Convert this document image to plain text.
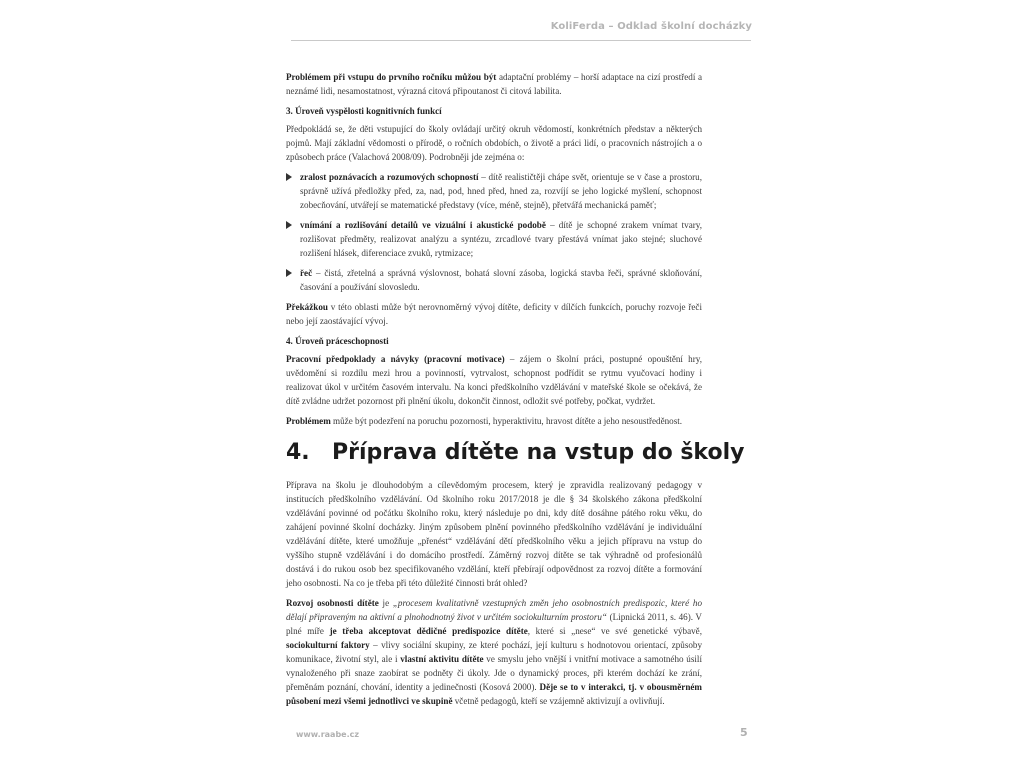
KoliFerda – Odklad školní docházky

Problémem při vstupu do prvního ročníku můžou být adaptační problémy – horší adaptace na cizí prostředí a neznámé lidi, nesamostatnost, výrazná citová připoutanost či citová labilita.

3. Úroveň vyspělosti kognitivních funkcí

Předpokládá se, že děti vstupující do školy ovládají určitý okruh vědomostí, konkrétních představ a některých pojmů. Mají základní vědomosti o přírodě, o ročních obdobích, o životě a práci lidí, o pracovních nástrojích a o způsobech práce (Valachová 2008/09). Podrobněji jde zejména o:

zralost poznávacích a rozumových schopností – dítě realističtěji chápe svět, orientuje se v čase a prostoru, správně užívá předložky před, za, nad, pod, hned před, hned za, rozvíjí se jeho logické myšlení, schopnost zobecňování, utvářejí se matematické představy (více, méně, stejně), přetvářá mechanická paměť;
vnímání a rozlišování detailů ve vizuální i akustické podobě – dítě je schopné zrakem vnímat tvary, rozlišovat předměty, realizovat analýzu a syntézu, zrcadlové tvary přestává vnímat jako stejné; sluchové rozlišení hlásek, diferenciace zvuků, rytmizace;
řeč – čistá, zřetelná a správná výslovnost, bohatá slovní zásoba, logická stavba řeči, správné skloňování, časování a používání slovosledu.

Překážkou v této oblasti může být nerovnoměrný vývoj dítěte, deficity v dílčích funkcích, poruchy rozvoje řeči nebo její zaostávající vývoj.

4. Úroveň práceschopnosti

Pracovní předpoklady a návyky (pracovní motivace) – zájem o školní práci, postupné opouštění hry, uvědomění si rozdílu mezi hrou a povinností, vytrvalost, schopnost podřídit se rytmu vyučovací hodiny i realizovat úkol v určitém časovém intervalu. Na konci předškolního vzdělávání v mateřské škole se očekává, že dítě zvládne udržet pozornost při plnění úkolu, dokončit činnost, odložit své potřeby, počkat, vydržet.

Problémem může být podezření na poruchu pozornosti, hyperaktivitu, hravost dítěte a jeho nesoustředěnost.

4. Příprava dítěte na vstup do školy

Příprava na školu je dlouhodobým a cílevědomým procesem, který je zpravidla realizovaný pedagogy v institucích předškolního vzdělávání. Od školního roku 2017/2018 je dle § 34 školského zákona předškolní vzdělávání povinné od počátku školního roku, který následuje po dni, kdy dítě dosáhne pátého roku věku, do zahájení povinné školní docházky. Jiným způsobem plnění povinného předškolního vzdělávání je individuální vzdělávání dítěte, které umožňuje „přenést“ vzdělávání dětí předškolního věku a jejich přípravu na vstup do vyššího stupně vzdělávání i do domácího prostředí. Záměrný rozvoj dítěte se tak výhradně od profesionálů dostává i do rukou osob bez specifikovaného vzdělání, kteří přebírají odpovědnost za rozvoj dítěte a formování jeho osobnosti. Na co je třeba při této důležité činnosti brát ohled?

Rozvoj osobnosti dítěte je „procesem kvalitativně vzestupných změn jeho osobnostních predispozic, které ho dělají připraveným na aktivní a plnohodnotný život v určitém sociokulturním prostoru“ (Lipnická 2011, s. 46). V plné míře je třeba akceptovat dědičné predispozice dítěte, které si „nese“ ve své genetické výbavě, sociokulturní faktory – vlivy sociální skupiny, ze které pochází, její kulturu s hodnotovou orientací, způsoby komunikace, životní styl, ale i vlastní aktivitu dítěte ve smyslu jeho vnější i vnitřní motivace a samotného úsilí vynaloženého při snaze zaobírat se podněty či úkoly. Jde o dynamický proces, při kterém dochází ke zrání, přeměnám poznání, chování, identity a jedinečnosti (Kosová 2000). Děje se to v interakci, tj. v obousměrném působení mezi všemi jednotlivci ve skupině včetně pedagogů, kteří se vzájemně aktivizují a ovlivňují.

www.raabe.cz	5
